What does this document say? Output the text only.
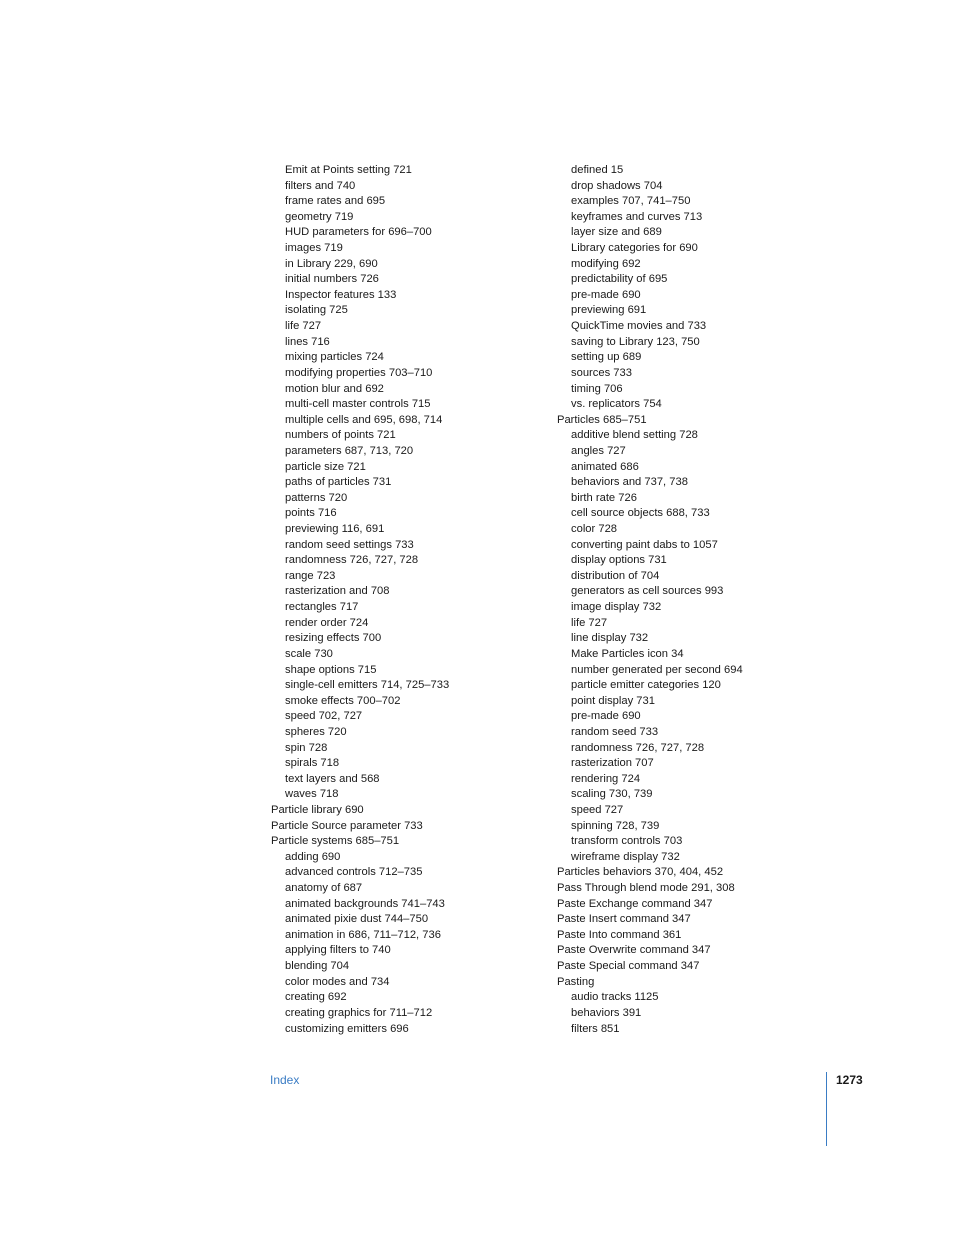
Emit at Points setting 721
filters and 740
frame rates and 695
geometry 719
HUD parameters for 696–700
images 719
in Library 229, 690
initial numbers 726
Inspector features 133
isolating 725
life 727
lines 716
mixing particles 724
modifying properties 703–710
motion blur and 692
multi-cell master controls 715
multiple cells and 695, 698, 714
numbers of points 721
parameters 687, 713, 720
particle size 721
paths of particles 731
patterns 720
points 716
previewing 116, 691
random seed settings 733
randomness 726, 727, 728
range 723
rasterization and 708
rectangles 717
render order 724
resizing effects 700
scale 730
shape options 715
single-cell emitters 714, 725–733
smoke effects 700–702
speed 702, 727
spheres 720
spin 728
spirals 718
text layers and 568
waves 718
Particle library 690
Particle Source parameter 733
Particle systems 685–751
adding 690
advanced controls 712–735
anatomy of 687
animated backgrounds 741–743
animated pixie dust 744–750
animation in 686, 711–712, 736
applying filters to 740
blending 704
color modes and 734
creating 692
creating graphics for 711–712
customizing emitters 696
defined 15
drop shadows 704
examples 707, 741–750
keyframes and curves 713
layer size and 689
Library categories for 690
modifying 692
predictability of 695
pre-made 690
previewing 691
QuickTime movies and 733
saving to Library 123, 750
setting up 689
sources 733
timing 706
vs. replicators 754
Particles 685–751
additive blend setting 728
angles 727
animated 686
behaviors and 737, 738
birth rate 726
cell source objects 688, 733
color 728
converting paint dabs to 1057
display options 731
distribution of 704
generators as cell sources 993
image display 732
life 727
line display 732
Make Particles icon 34
number generated per second 694
particle emitter categories 120
point display 731
pre-made 690
random seed 733
randomness 726, 727, 728
rasterization 707
rendering 724
scaling 730, 739
speed 727
spinning 728, 739
transform controls 703
wireframe display 732
Particles behaviors 370, 404, 452
Pass Through blend mode 291, 308
Paste Exchange command 347
Paste Insert command 347
Paste Into command 361
Paste Overwrite command 347
Paste Special command 347
Pasting
audio tracks 1125
behaviors 391
filters 851
Index	1273
